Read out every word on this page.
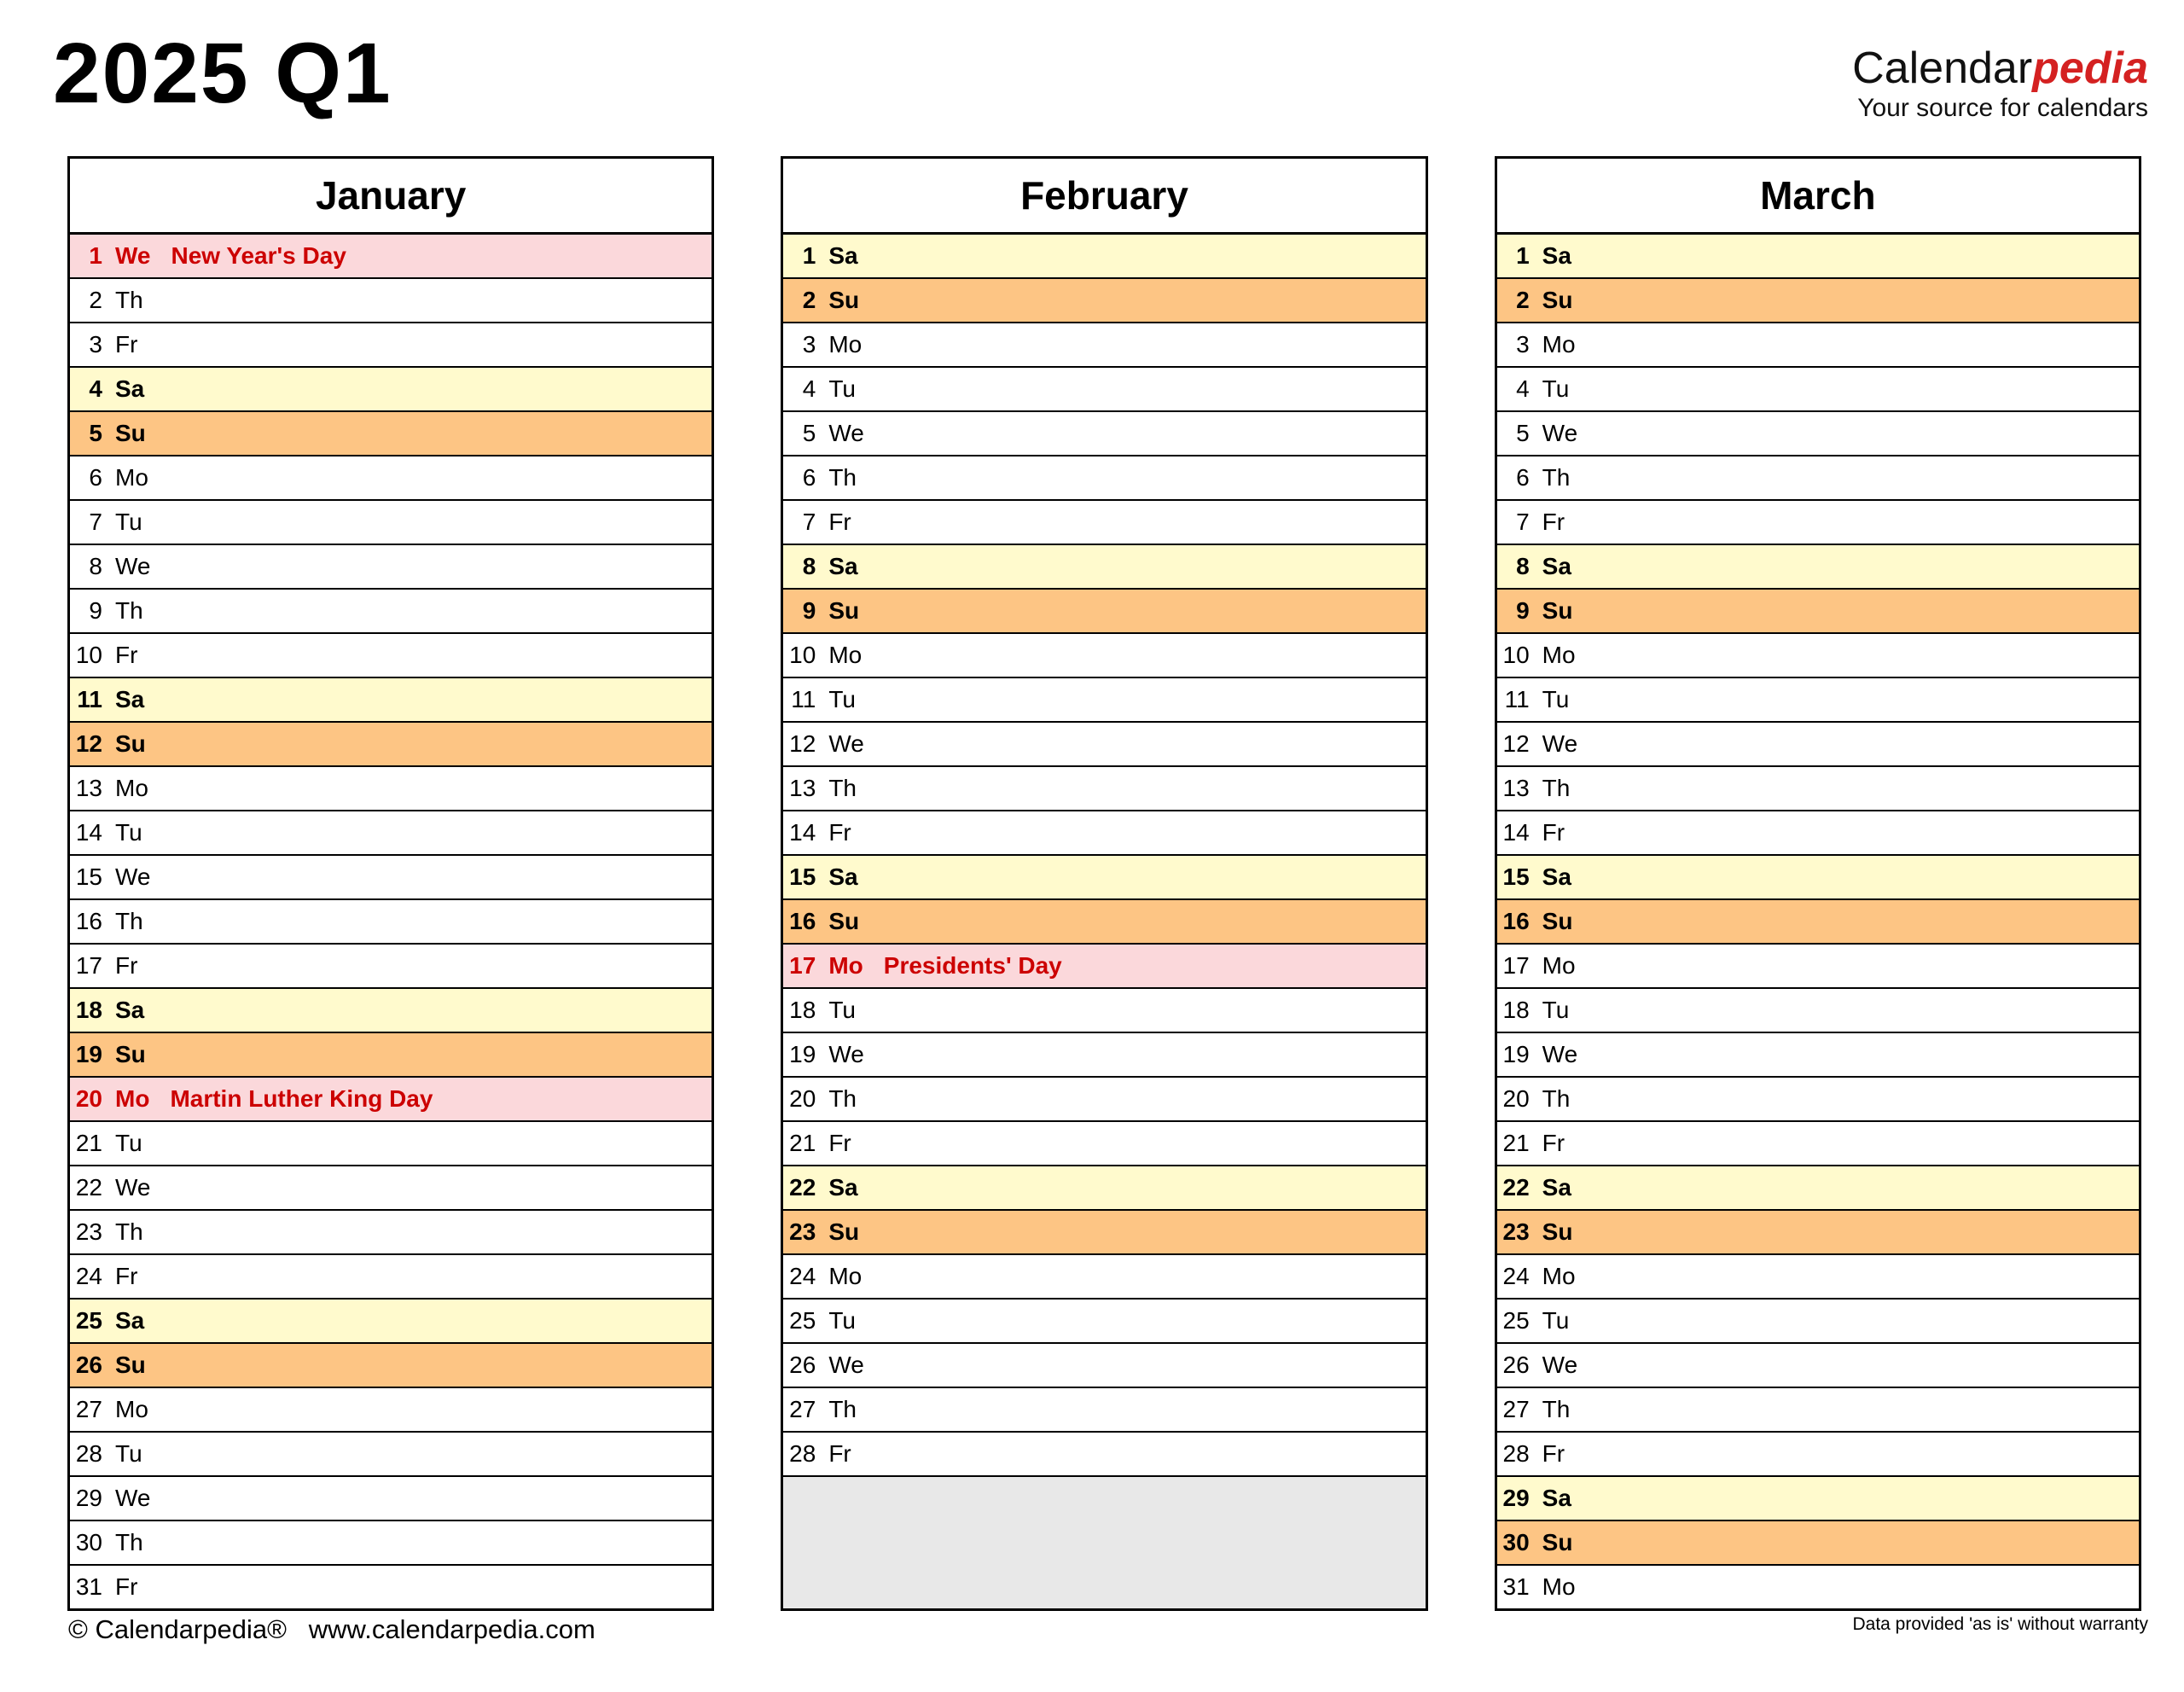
2025 Q1	Calendarpedia
Your source for calendars
January
1 We New Year's Day
2 Th
3 Fr
4 Sa
5 Su
6 Mo
7 Tu
8 We
9 Th
10 Fr
11 Sa
12 Su
13 Mo
14 Tu
15 We
16 Th
17 Fr
18 Sa
19 Su
20 Mo Martin Luther King Day
21 Tu
22 We
23 Th
24 Fr
25 Sa
26 Su
27 Mo
28 Tu
29 We
30 Th
31 Fr
February
1 Sa
2 Su
3 Mo
4 Tu
5 We
6 Th
7 Fr
8 Sa
9 Su
10 Mo
11 Tu
12 We
13 Th
14 Fr
15 Sa
16 Su
17 Mo Presidents' Day
18 Tu
19 We
20 Th
21 Fr
22 Sa
23 Su
24 Mo
25 Tu
26 We
27 Th
28 Fr
March
1 Sa
2 Su
3 Mo
4 Tu
5 We
6 Th
7 Fr
8 Sa
9 Su
10 Mo
11 Tu
12 We
13 Th
14 Fr
15 Sa
16 Su
17 Mo
18 Tu
19 We
20 Th
21 Fr
22 Sa
23 Su
24 Mo
25 Tu
26 We
27 Th
28 Fr
29 Sa
30 Su
31 Mo
© Calendarpedia®   www.calendarpedia.com	Data provided 'as is' without warranty
